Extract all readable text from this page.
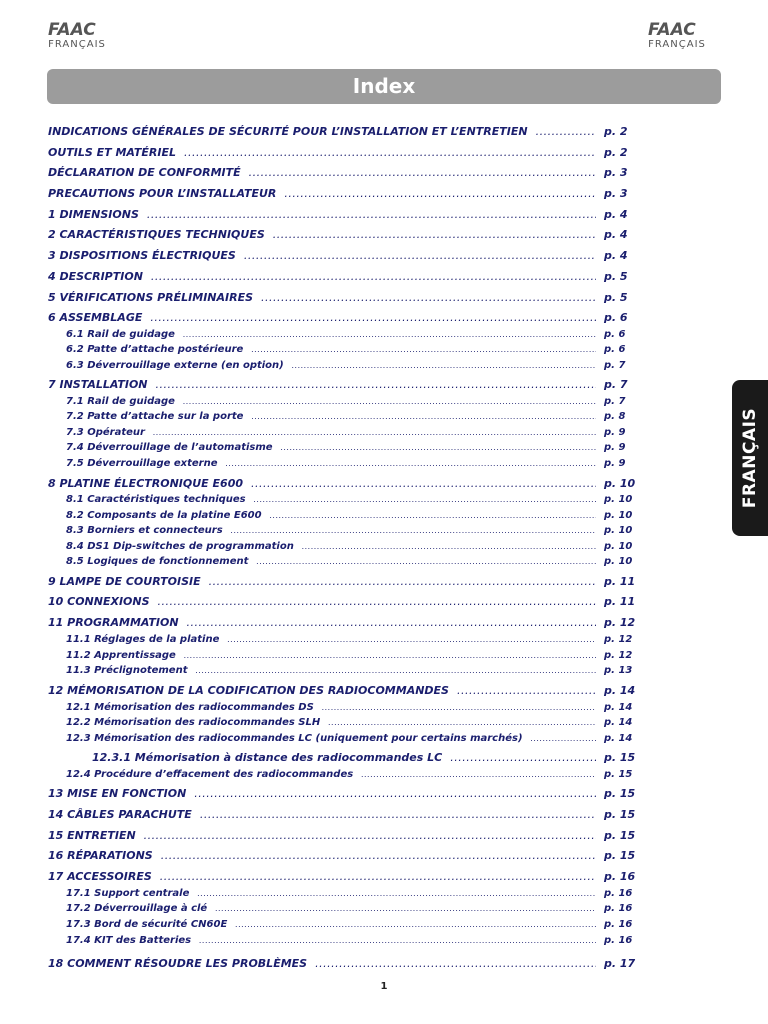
FAAC
FRANÇAIS
FAAC
FRANÇAIS
Index
FRANÇAIS
INDICATIONS GÉNÉRALES DE SÉCURITÉ POUR L’INSTALLATION ET L’ENTRETIEN .....	p. 2
OUTILS ET MATÉRIEL .....	p. 2
DÉCLARATION DE CONFORMITÉ .....	p. 3
PRECAUTIONS POUR L’INSTALLATEUR .....	p. 3
1 DIMENSIONS .....	p. 4
2 CARACTÉRISTIQUES TECHNIQUES .....	p. 4
3 DISPOSITIONS ÉLECTRIQUES .....	p. 4
4 DESCRIPTION .....	p. 5
5 VÉRIFICATIONS PRÉLIMINAIRES .....	p. 5
6 ASSEMBLAGE .....	p. 6
6.1 Rail de guidage .....	p. 6
6.2 Patte d’attache postérieure .....	p. 6
6.3 Déverrouillage externe (en option) .....	p. 7
7 INSTALLATION .....	p. 7
7.1 Rail de guidage .....	p. 7
7.2 Patte d’attache sur la porte .....	p. 8
7.3 Opérateur .....	p. 9
7.4 Déverrouillage de l’automatisme .....	p. 9
7.5 Déverrouillage externe .....	p. 9
8 PLATINE ÉLECTRONIQUE E600 .....	p. 10
8.1 Caractéristiques techniques .....	p. 10
8.2 Composants de la platine E600 .....	p. 10
8.3 Borniers et connecteurs .....	p. 10
8.4 DS1 Dip-switches de programmation .....	p. 10
8.5 Logiques de fonctionnement .....	p. 10
9 LAMPE DE COURTOISIE .....	p. 11
10 CONNEXIONS .....	p. 11
11 PROGRAMMATION .....	p. 12
11.1 Réglages de la platine .....	p. 12
11.2 Apprentissage .....	p. 12
11.3 Préclignotement .....	p. 13
12 MÉMORISATION DE LA CODIFICATION DES RADIOCOMMANDES .....	p. 14
12.1 Mémorisation des radiocommandes DS .....	p. 14
12.2 Mémorisation des radiocommandes SLH .....	p. 14
12.3 Mémorisation des radiocommandes LC (uniquement pour certains marchés) .....	p. 14
12.3.1 Mémorisation à distance des radiocommandes LC .....	p. 15
12.4 Procédure d’effacement des radiocommandes .....	p. 15
13 MISE EN FONCTION .....	p. 15
14 CÂBLES PARACHUTE .....	p. 15
15 ENTRETIEN .....	p. 15
16 RÉPARATIONS .....	p. 15
17 ACCESSOIRES .....	p. 16
17.1 Support centrale .....	p. 16
17.2 Déverrouillage à clé .....	p. 16
17.3 Bord de sécurité CN60E .....	p. 16
17.4 KIT des Batteries .....	p. 16
18 COMMENT RÉSOUDRE LES PROBLÈMES .....	p. 17
1
